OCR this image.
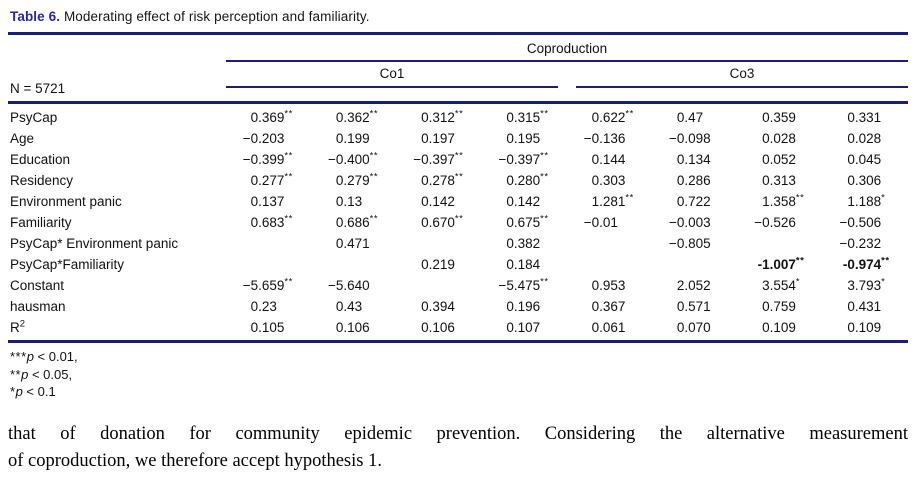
Table 6. Moderating effect of risk perception and familiarity.
N = 5721	Coproduction							

	Co1				Co3			

PsyCap	0 .369**	0 .362**	0 .312**	0 .315**	0 .622**	0 .47	0 .359	0 .331

Age	−0 .203	0 .199	0 .197	0 .195	−0 .136	−0 .098	0 .028	0 .028

Education	−0 .399**	−0 .400**	−0 .397**	−0 .397**	0 .144	0 .134	0 .052	0 .045

Residency	0 .277**	0 .279**	0 .278**	0 .280**	0 .303	0 .286	0 .313	0 .306

Environment panic	0 .137	0 .13	0 .142	0 .142	1 .281**	0 .722	1 .358**	1 .188*

Familiarity	0 .683**	0 .686**	0 .670**	0 .675**	−0 .01	−0 .003	−0 .526	−0 .506

PsyCap* Environment panic		0 .471		0 .382		−0 .805		−0 .232

PsyCap*Familiarity			0 .219	0 .184			-1 .007**	-0 .974**

Constant	−5 .659**	−5 .640		−5 .475**	0 .953	2 .052	3 .554*	3 .793*

hausman	0 .23	0 .43	0 .394	0 .196	0 .367	0 .571	0 .759	0 .431

$R^2$	0 .105	0 .106	0 .106	0 .107	0 .061	0 .070	0 .109	0 .109
***p < 0.01,
**p < 0.05,
*p < 0.1

that of donation for community epidemic prevention. Considering the alternative measurement
of coproduction, we therefore accept hypothesis 1.
